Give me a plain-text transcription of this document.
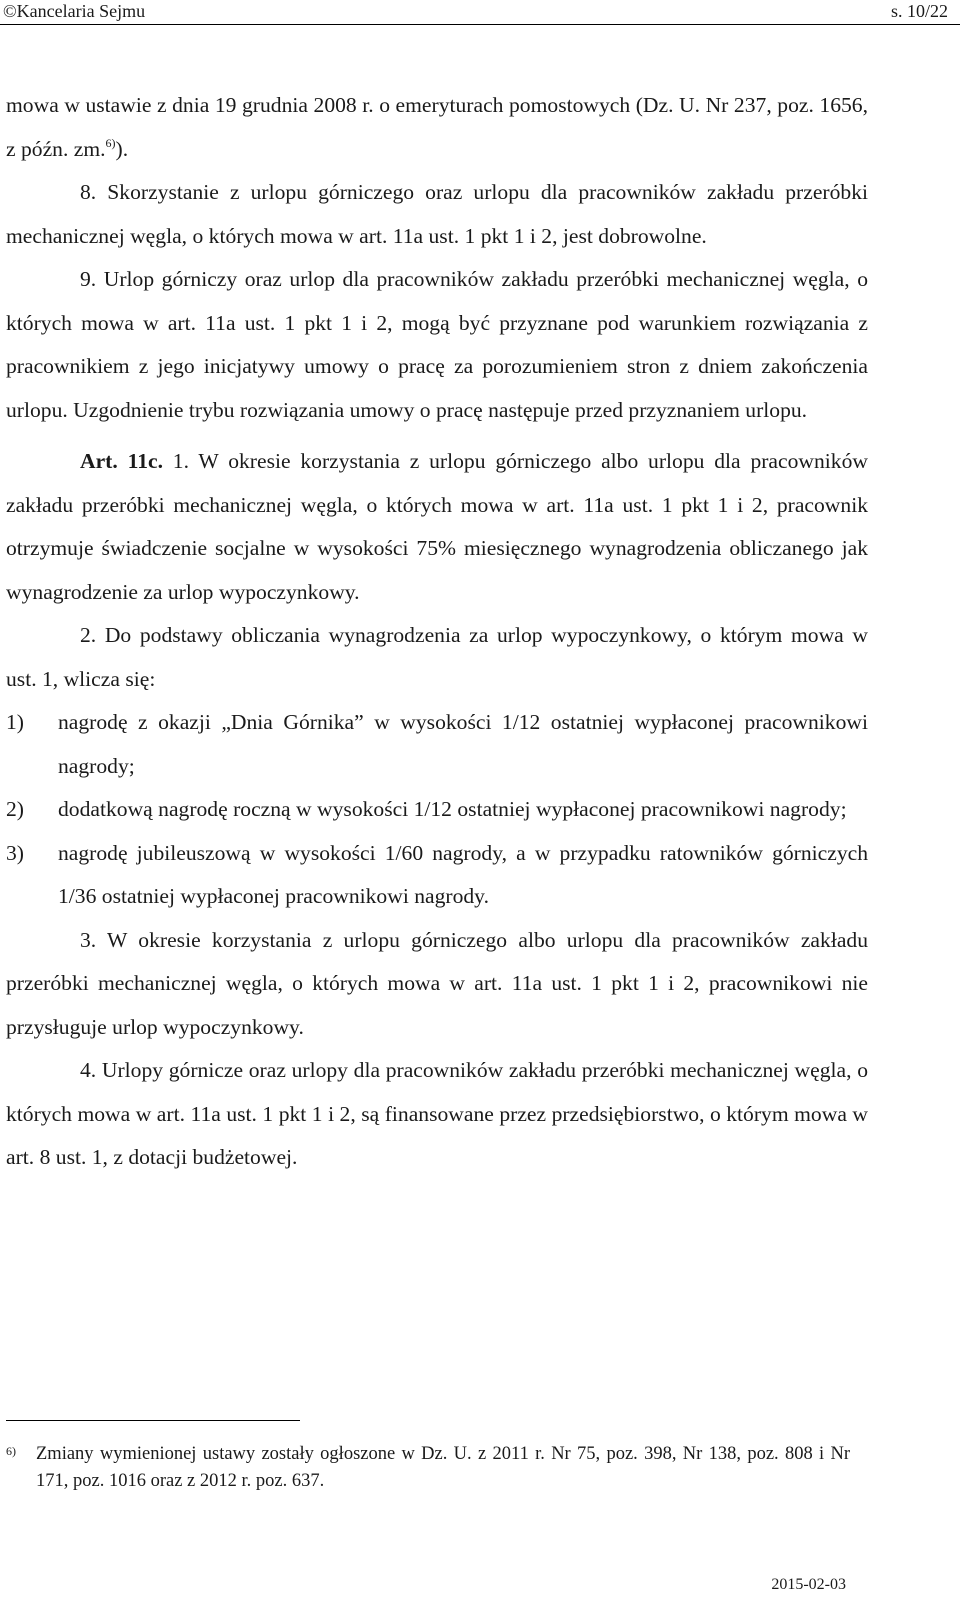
©Kancelaria Sejmu	s. 10/22

mowa w ustawie z dnia 19 grudnia 2008 r. o emeryturach pomostowych (Dz. U. Nr 237, poz. 1656, z późn. zm.$^{6)}$).

8. Skorzystanie z urlopu górniczego oraz urlopu dla pracowników zakładu przeróbki mechanicznej węgla, o których mowa w art. 11a ust. 1 pkt 1 i 2, jest dobrowolne.

9. Urlop górniczy oraz urlop dla pracowników zakładu przeróbki mechanicznej węgla, o których mowa w art. 11a ust. 1 pkt 1 i 2, mogą być przyznane pod warunkiem rozwiązania z pracownikiem z jego inicjatywy umowy o pracę za porozumieniem stron z dniem zakończenia urlopu. Uzgodnienie trybu rozwiązania umowy o pracę następuje przed przyznaniem urlopu.

Art. 11c. 1. W okresie korzystania z urlopu górniczego albo urlopu dla pracowników zakładu przeróbki mechanicznej węgla, o których mowa w art. 11a ust. 1 pkt 1 i 2, pracownik otrzymuje świadczenie socjalne w wysokości 75% miesięcznego wynagrodzenia obliczanego jak wynagrodzenie za urlop wypoczynkowy.

2. Do podstawy obliczania wynagrodzenia za urlop wypoczynkowy, o którym mowa w ust. 1, wlicza się:

1)	nagrodę z okazji „Dnia Górnika” w wysokości 1/12 ostatniej wypłaconej pracownikowi nagrody;
2)	dodatkową nagrodę roczną w wysokości 1/12 ostatniej wypłaconej pracownikowi nagrody;
3)	nagrodę jubileuszową w wysokości 1/60 nagrody, a w przypadku ratowników górniczych 1/36 ostatniej wypłaconej pracownikowi nagrody.

3. W okresie korzystania z urlopu górniczego albo urlopu dla pracowników zakładu przeróbki mechanicznej węgla, o których mowa w art. 11a ust. 1 pkt 1 i 2, pracownikowi nie przysługuje urlop wypoczynkowy.

4. Urlopy górnicze oraz urlopy dla pracowników zakładu przeróbki mechanicznej węgla, o których mowa w art. 11a ust. 1 pkt 1 i 2, są finansowane przez przedsiębiorstwo, o którym mowa w art. 8 ust. 1, z dotacji budżetowej.

6)	Zmiany wymienionej ustawy zostały ogłoszone w Dz. U. z 2011 r. Nr 75, poz. 398, Nr 138, poz. 808 i Nr 171, poz. 1016 oraz z 2012 r. poz. 637.
2015-02-03
